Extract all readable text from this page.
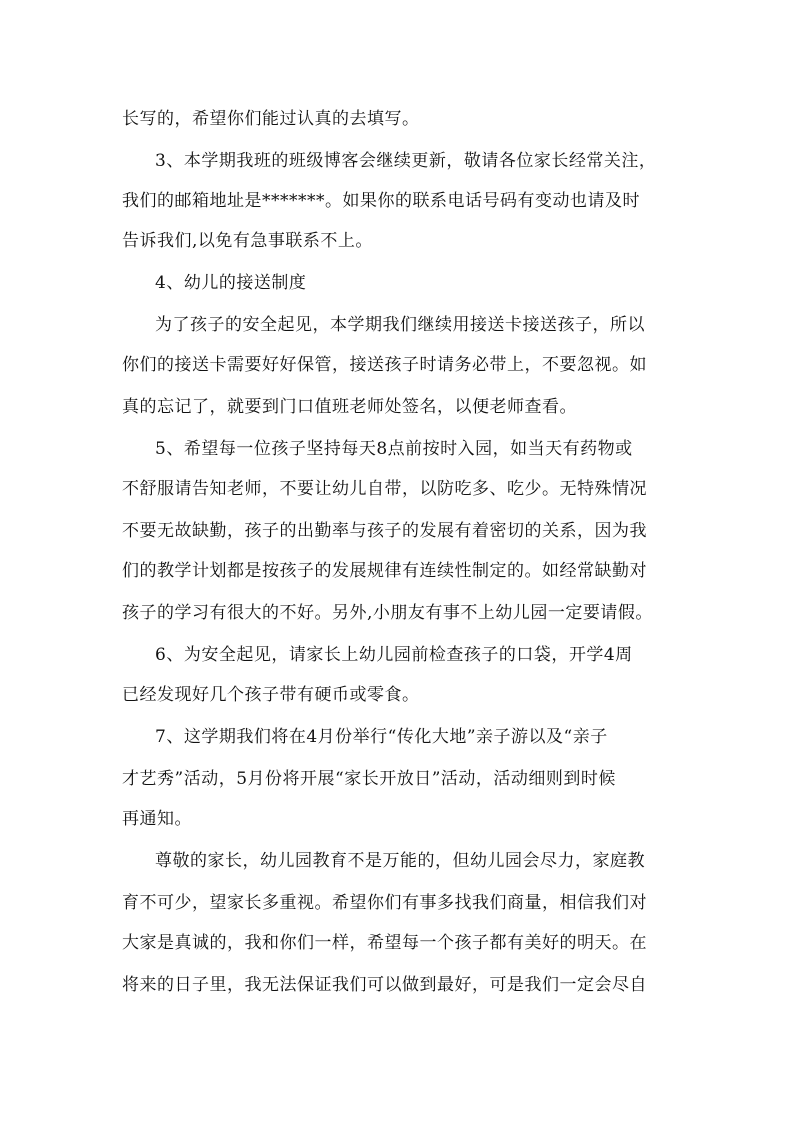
长写的，希望你们能过认真的去填写。
3、本学期我班的班级博客会继续更新，敬请各位家长经常关注，
我们的邮箱地址是*******。如果你的联系电话号码有变动也请及时
告诉我们,以免有急事联系不上。
4、幼儿的接送制度
为了孩子的安全起见，本学期我们继续用接送卡接送孩子，所以
你们的接送卡需要好好保管，接送孩子时请务必带上，不要忽视。如
真的忘记了，就要到门口值班老师处签名，以便老师查看。
5、希望每一位孩子坚持每天8点前按时入园，如当天有药物或
不舒服请告知老师，不要让幼儿自带，以防吃多、吃少。无特殊情况
不要无故缺勤，孩子的出勤率与孩子的发展有着密切的关系，因为我
们的教学计划都是按孩子的发展规律有连续性制定的。如经常缺勤对
孩子的学习有很大的不好。另外,小朋友有事不上幼儿园一定要请假。
6、为安全起见，请家长上幼儿园前检查孩子的口袋，开学4周
已经发现好几个孩子带有硬币或零食。
7、这学期我们将在4月份举行“传化大地”亲子游以及“亲子
才艺秀”活动，5月份将开展“家长开放日”活动，活动细则到时候
再通知。
尊敬的家长，幼儿园教育不是万能的，但幼儿园会尽力，家庭教
育不可少，望家长多重视。希望你们有事多找我们商量，相信我们对
大家是真诚的，我和你们一样，希望每一个孩子都有美好的明天。在
将来的日子里，我无法保证我们可以做到最好，可是我们一定会尽自
